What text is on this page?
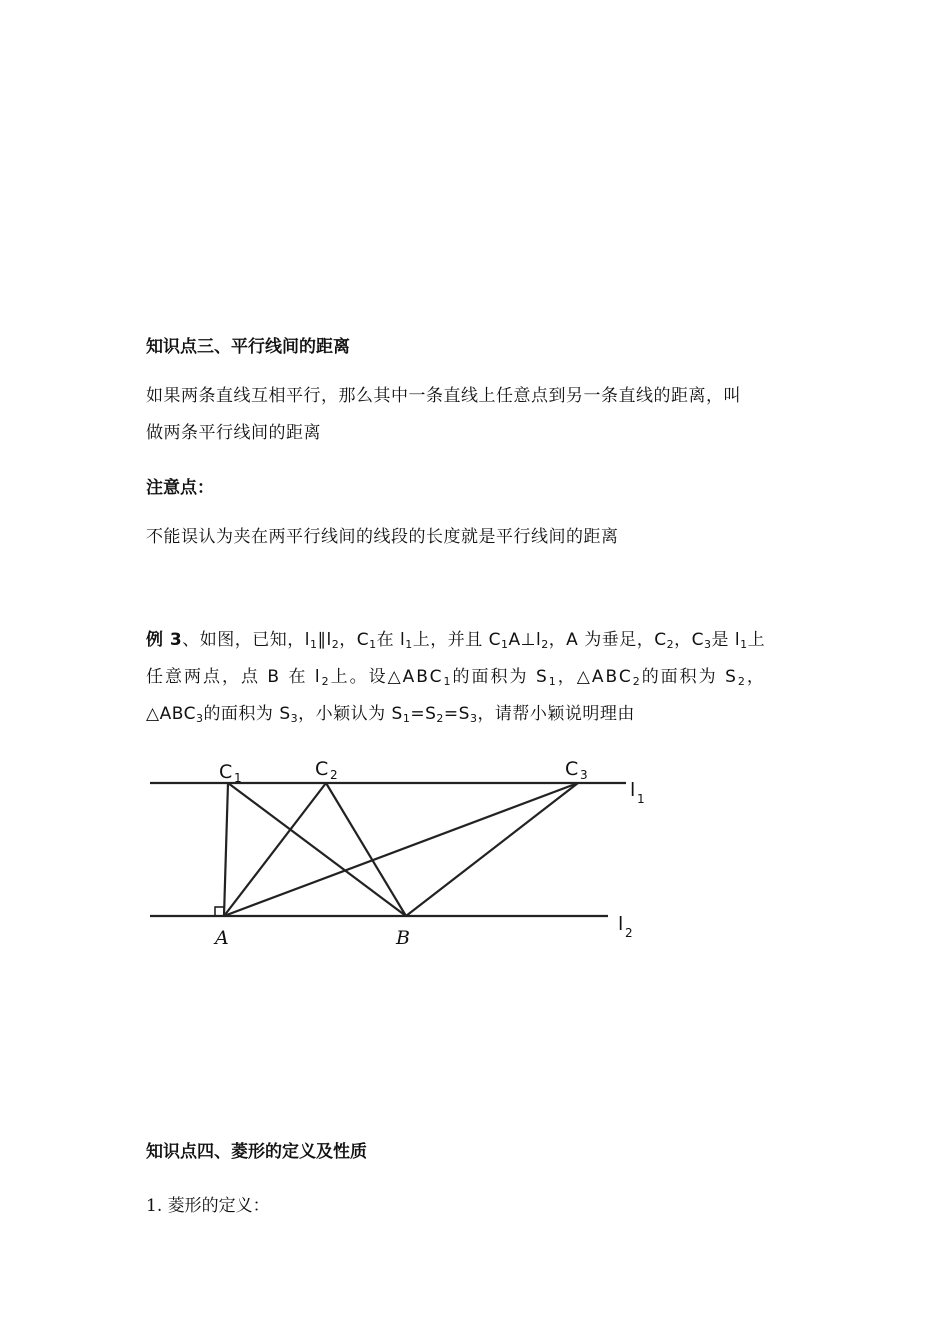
知识点三、平行线间的距离
如果两条直线互相平行，那么其中一条直线上任意点到另一条直线的距离，叫
做两条平行线间的距离
注意点：
不能误认为夹在两平行线间的线段的长度就是平行线间的距离
例 3、如图，已知，$l_1\parallel l_2$，$C_1$在 $l_1$上，并且 $C_1A\perp l_2$，A 为垂足，$C_2$，$C_3$是 $l_1$上
任意两点，点 B 在 $l_2$上。设$\triangle ABC_1$的面积为 $S_1$，$\triangle ABC_2$的面积为 $S_2$，
$\triangle ABC_3$的面积为 $S_3$，小颖认为 $S_1=S_2=S_3$，请帮小颖说明理由
C 1	C 2	C 3
l 1
l 2
A	B
知识点四、菱形的定义及性质
1. 菱形的定义：
